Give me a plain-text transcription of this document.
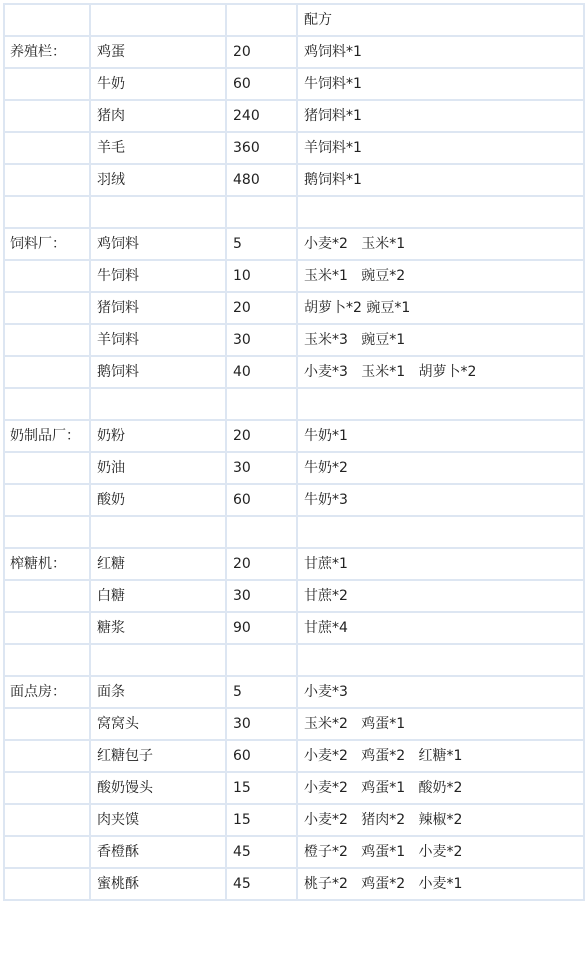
			配方
养殖栏：	鸡蛋	20	鸡饲料*1
	牛奶	60	牛饲料*1
	猪肉	240	猪饲料*1
	羊毛	360	羊饲料*1
	羽绒	480	鹅饲料*1

饲料厂：	鸡饲料	5	小麦*2   玉米*1
	牛饲料	10	玉米*1   豌豆*2
	猪饲料	20	胡萝卜*2 豌豆*1
	羊饲料	30	玉米*3   豌豆*1
	鹅饲料	40	小麦*3   玉米*1   胡萝卜*2

奶制品厂：	奶粉	20	牛奶*1
	奶油	30	牛奶*2
	酸奶	60	牛奶*3

榨糖机：	红糖	20	甘蔗*1
	白糖	30	甘蔗*2
	糖浆	90	甘蔗*4

面点房：	面条	5	小麦*3
	窝窝头	30	玉米*2   鸡蛋*1
	红糖包子	60	小麦*2   鸡蛋*2   红糖*1
	酸奶馒头	15	小麦*2   鸡蛋*1   酸奶*2
	肉夹馍	15	小麦*2   猪肉*2   辣椒*2
	香橙酥	45	橙子*2   鸡蛋*1   小麦*2
	蜜桃酥	45	桃子*2   鸡蛋*2   小麦*1
